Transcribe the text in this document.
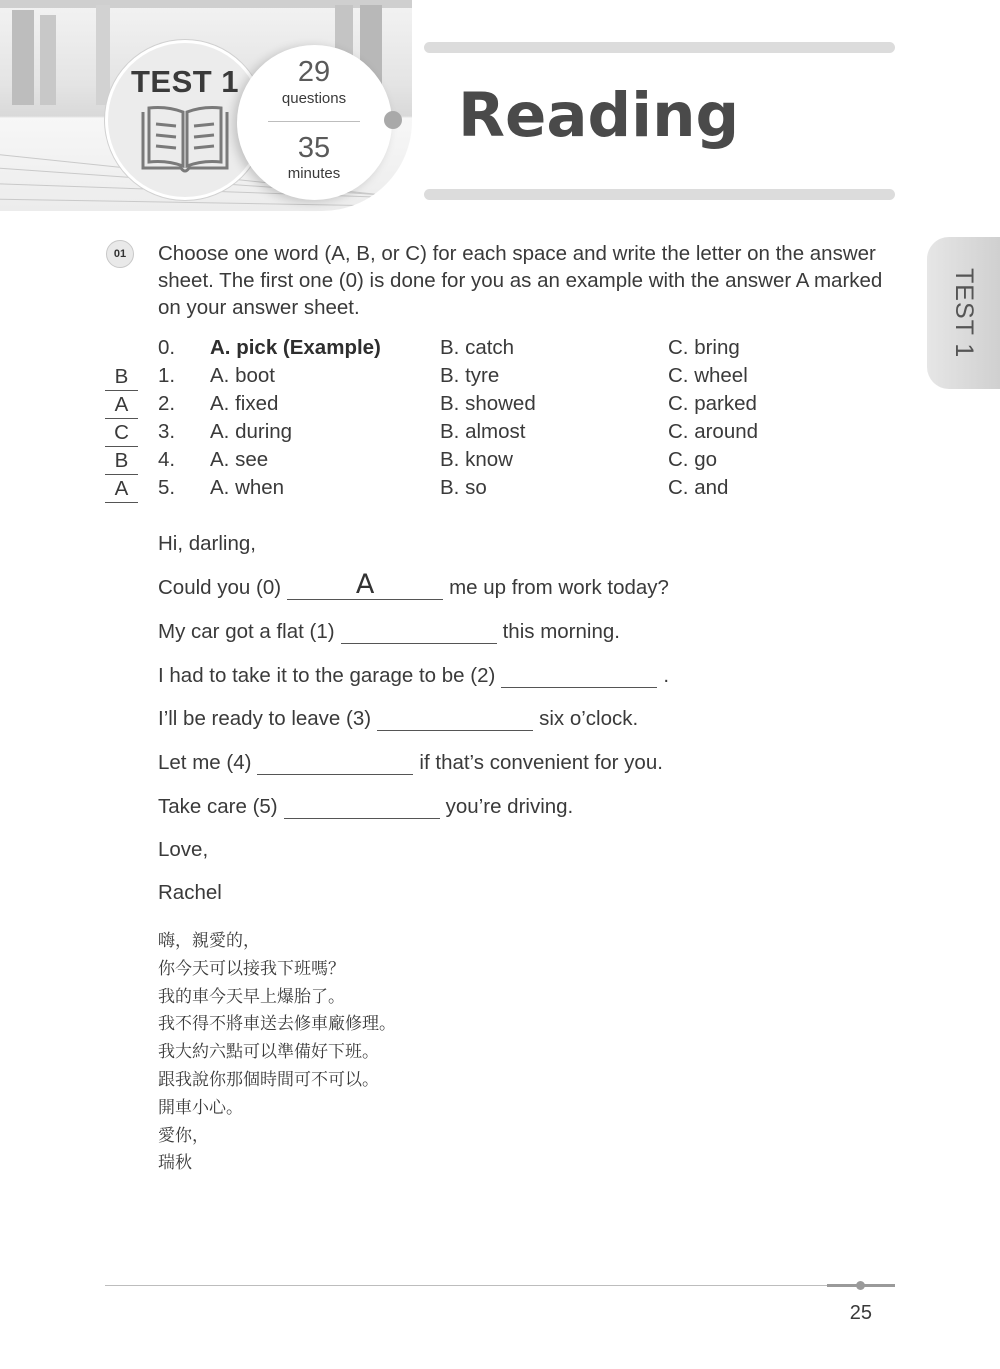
TEST 1	29
questions
35
minutes
Reading
TEST 1
01	Choose one word (A, B, or C) for each space and write the letter on the answer sheet. The first one (0) is done for you as an example with the answer A marked on your answer sheet.
0. A. pick (Example)	B. catch	C. bring
B	1. A. boot	B. tyre	C. wheel
A	2. A. fixed	B. showed	C. parked
C	3. A. during	B. almost	C. around
B	4. A. see	B. know	C. go
A	5. A. when	B. so	C. and
Hi, darling,
Could you (0)	A	me up from work today?
My car got a flat (1)	this morning.
I had to take it to the garage to be (2)	.
I’ll be ready to leave (3)	six o’clock.
Let me (4)	if that’s convenient for you.
Take care (5)	you’re driving.
Love,
Rachel
嗨，親愛的，
你今天可以接我下班嗎？
我的車今天早上爆胎了。
我不得不將車送去修車廠修理。
我大約六點可以準備好下班。
跟我說你那個時間可不可以。
開車小心。
愛你，
瑞秋
25
